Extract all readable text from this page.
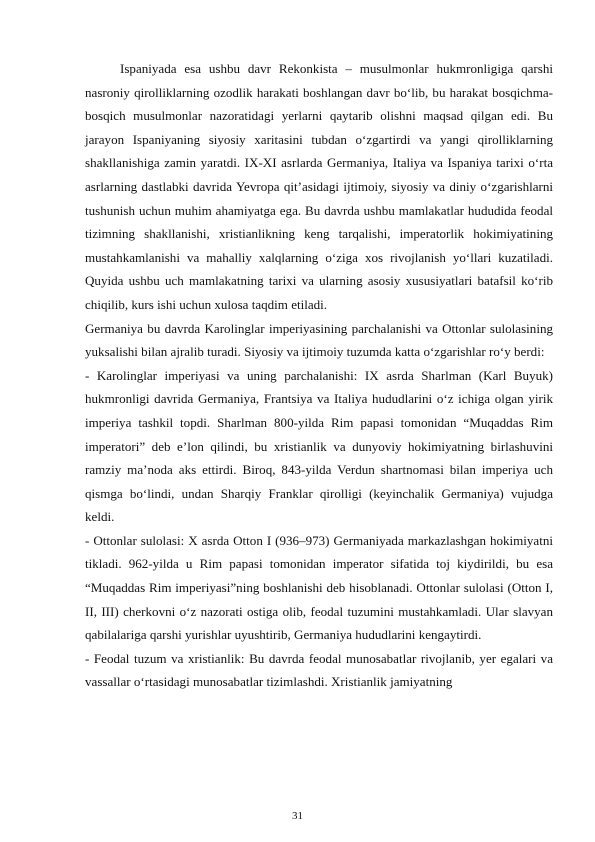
Ispaniyada esa ushbu davr Rekonkista – musulmonlar hukmronligiga qarshi nasroniy qirolliklarning ozodlik harakati boshlangan davr bo‘lib, bu harakat bosqichma-bosqich musulmonlar nazoratidagi yerlarni qaytarib olishni maqsad qilgan edi. Bu jarayon Ispaniyaning siyosiy xaritasini tubdan o‘zgartirdi va yangi qirolliklarning shakllanishiga zamin yaratdi. IX-XI asrlarda Germaniya, Italiya va Ispaniya tarixi o‘rta asrlarning dastlabki davrida Yevropa qit’asidagi ijtimoiy, siyosiy va diniy o‘zgarishlarni tushunish uchun muhim ahamiyatga ega. Bu davrda ushbu mamlakatlar hududida feodal tizimning shakllanishi, xristianlikning keng tarqalishi, imperatorlik hokimiyatining mustahkamlanishi va mahalliy xalqlarning o‘ziga xos rivojlanish yo‘llari kuzatiladi. Quyida ushbu uch mamlakatning tarixi va ularning asosiy xususiyatlari batafsil ko‘rib chiqilib, kurs ishi uchun xulosa taqdim etiladi.

Germaniya bu davrda Karolinglar imperiyasining parchalanishi va Ottonlar sulolasining yuksalishi bilan ajralib turadi. Siyosiy va ijtimoiy tuzumda katta o‘zgarishlar ro‘y berdi:

- Karolinglar imperiyasi va uning parchalanishi: IX asrda Sharlman (Karl Buyuk) hukmronligi davrida Germaniya, Frantsiya va Italiya hududlarini o‘z ichiga olgan yirik imperiya tashkil topdi. Sharlman 800-yilda Rim papasi tomonidan “Muqaddas Rim imperatori” deb e’lon qilindi, bu xristianlik va dunyoviy hokimiyatning birlashuvini ramziy ma’noda aks ettirdi. Biroq, 843-yilda Verdun shartnomasi bilan imperiya uch qismga bo‘lindi, undan Sharqiy Franklar qirolligi (keyinchalik Germaniya) vujudga keldi.

- Ottonlar sulolasi: X asrda Otton I (936–973) Germaniyada markazlashgan hokimiyatni tikladi. 962-yilda u Rim papasi tomonidan imperator sifatida toj kiydirildi, bu esa “Muqaddas Rim imperiyasi”ning boshlanishi deb hisoblanadi. Ottonlar sulolasi (Otton I, II, III) cherkovni o‘z nazorati ostiga olib, feodal tuzumini mustahkamladi. Ular slavyan qabilalariga qarshi yurishlar uyushtirib, Germaniya hududlarini kengaytirdi.

- Feodal tuzum va xristianlik: Bu davrda feodal munosabatlar rivojlanib, yer egalari va vassallar o‘rtasidagi munosabatlar tizimlashdi. Xristianlik jamiyatning

31
